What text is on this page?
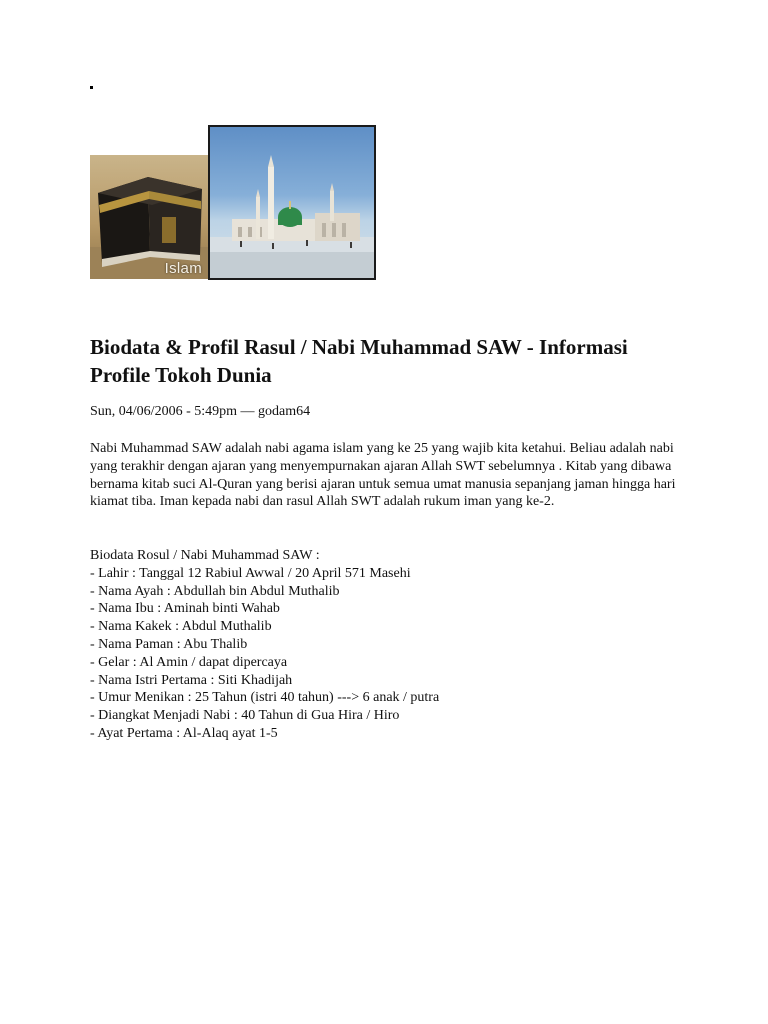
Islam
Biodata & Profil Rasul / Nabi Muhammad SAW - Informasi Profile Tokoh Dunia
Sun, 04/06/2006 - 5:49pm — godam64

Nabi Muhammad SAW adalah nabi agama islam yang ke 25 yang wajib kita ketahui. Beliau adalah nabi yang terakhir dengan ajaran yang menyempurnakan ajaran Allah SWT sebelumnya . Kitab yang dibawa bernama kitab suci Al-Quran yang berisi ajaran untuk semua umat manusia sepanjang jaman hingga hari kiamat tiba. Iman kepada nabi dan rasul Allah SWT adalah rukum iman yang ke-2.

Biodata Rosul / Nabi Muhammad SAW :
- Lahir : Tanggal 12 Rabiul Awwal / 20 April 571 Masehi
- Nama Ayah : Abdullah bin Abdul Muthalib
- Nama Ibu : Aminah binti Wahab
- Nama Kakek : Abdul Muthalib
- Nama Paman : Abu Thalib
- Gelar : Al Amin / dapat dipercaya
- Nama Istri Pertama : Siti Khadijah
- Umur Menikan : 25 Tahun (istri 40 tahun) ---> 6 anak / putra
- Diangkat Menjadi Nabi : 40 Tahun di Gua Hira / Hiro
- Ayat Pertama : Al-Alaq ayat 1-5
